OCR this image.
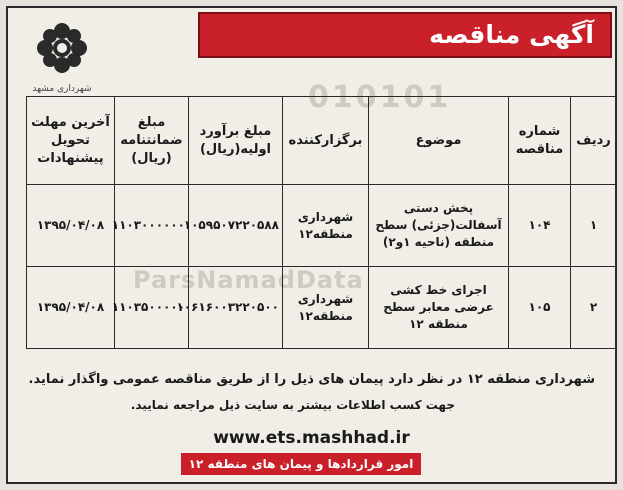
آگهی مناقصه
شهرداری مشهد	010101
ParsNamadData
ردیف	شماره مناقصه	موضوع	برگزارکننده	مبلغ برآورد اولیه(ریال)	مبلغ ضمانتنامه (ریال)	آخرین مهلت تحویل پیشنهادات
۱	۱۰۴	پخش دستی آسفالت(جزئی) سطح منطقه (ناحیه ۱و۲)	شهرداری منطقه۱۲	۱۰۵۹۵۰۷۲۲۰۵۸۸	۱۱۰۳۰۰۰۰۰۰	۱۳۹۵/۰۴/۰۸
۲	۱۰۵	اجرای خط کشی عرضی معابر سطح منطقه ۱۲	شهرداری منطقه۱۲	۱۰۶۱۶۰۰۳۲۲۰۵۰۰	۱۱۰۳۵۰۰۰۰۰	۱۳۹۵/۰۴/۰۸
شهرداری منطقه ۱۲ در نظر دارد پیمان های ذیل را از طریق مناقصه عمومی واگذار نماید.
جهت کسب اطلاعات بیشتر به سایت ذیل مراجعه نمایید.
www.ets.mashhad.ir
امور قراردادها و پیمان های منطقه ۱۲
